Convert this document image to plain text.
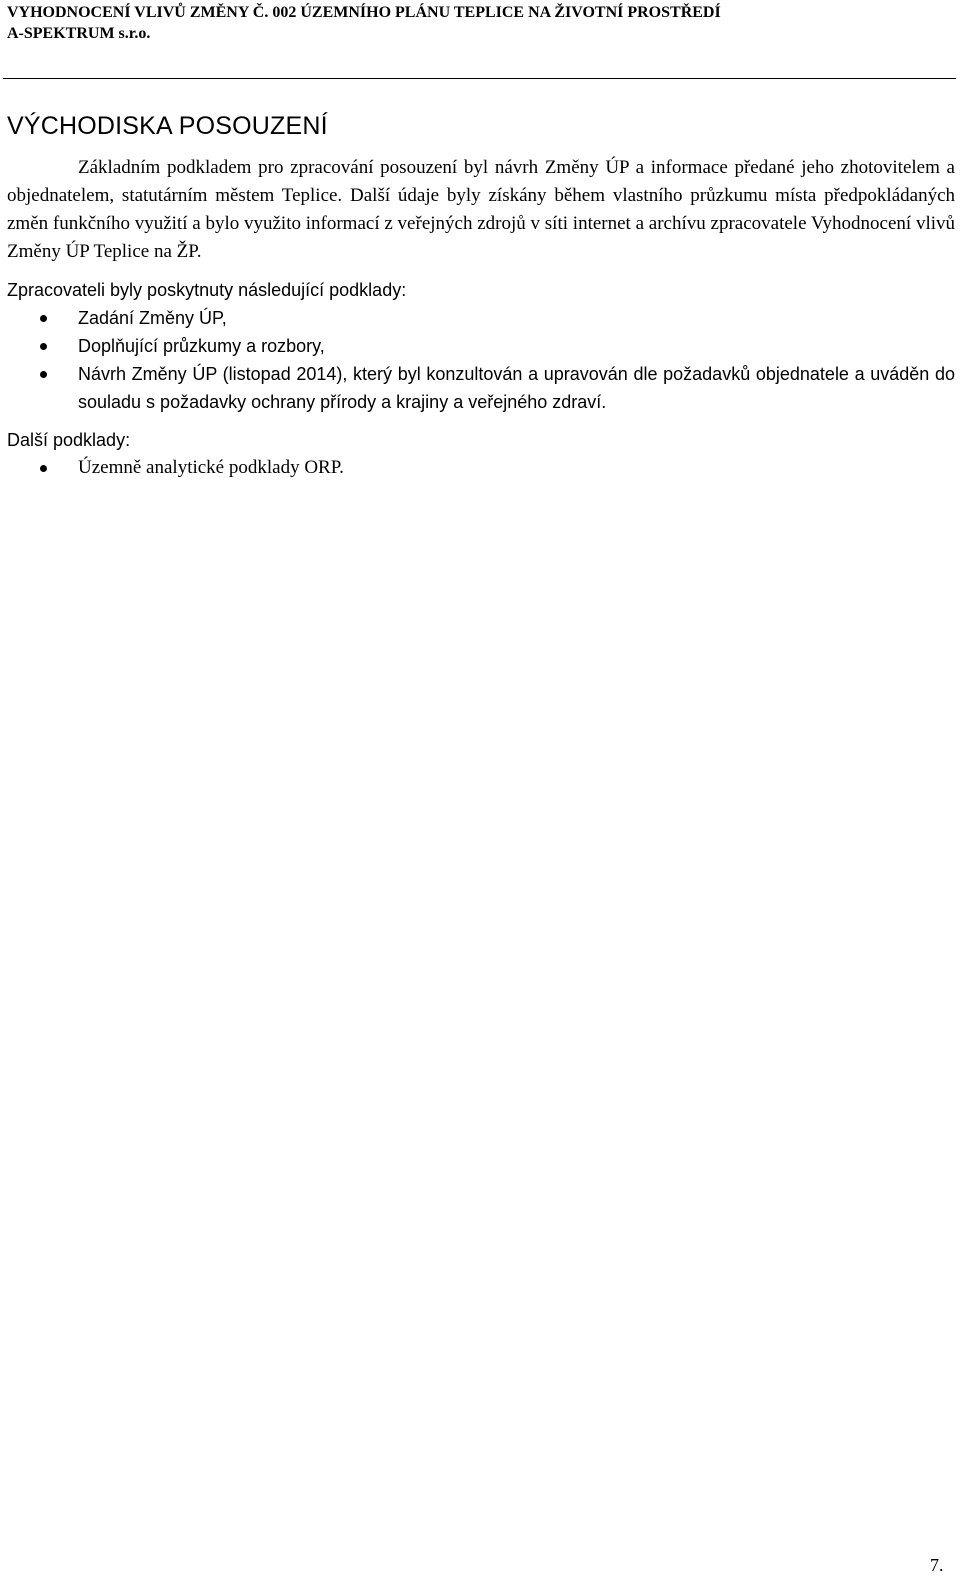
VYHODNOCENÍ VLIVŮ ZMĚNY Č. 002 ÚZEMNÍHO PLÁNU TEPLICE NA ŽIVOTNÍ PROSTŘEDÍ
A-SPEKTRUM s.r.o.
VÝCHODISKA POSOUZENÍ

Základním podkladem pro zpracování posouzení byl návrh Změny ÚP a informace předané jeho zhotovitelem a objednatelem, statutárním městem Teplice. Další údaje byly získány během vlastního průzkumu místa předpokládaných změn funkčního využití a bylo využito informací z veřejných zdrojů v síti internet a archívu zpracovatele Vyhodnocení vlivů Změny ÚP Teplice na ŽP.

Zpracovateli byly poskytnuty následující podklady:

Zadání Změny ÚP,
Doplňující průzkumy a rozbory,
Návrh Změny ÚP (listopad 2014), který byl konzultován a upravován dle požadavků objednatele a uváděn do souladu s požadavky ochrany přírody a krajiny a veřejného zdraví.

Další podklady:

Územně analytické podklady ORP.
7.
